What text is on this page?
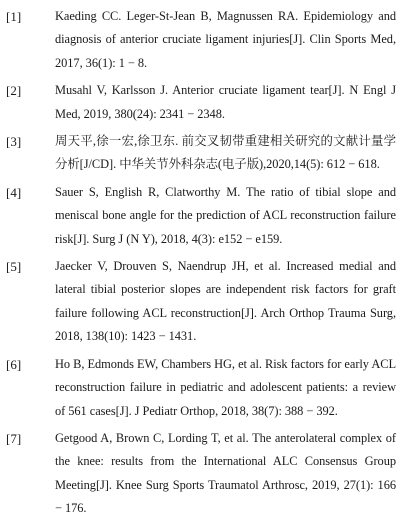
[1]	Kaeding CC. Leger-St-Jean B, Magnussen RA. Epidemiology and diagnosis of anterior cruciate ligament injuries[J]. Clin Sports Med, 2017, 36(1): 1 − 8.
[2]	Musahl V, Karlsson J. Anterior cruciate ligament tear[J]. N Engl J Med, 2019, 380(24): 2341 − 2348.
[3]	周天平,徐一宏,徐卫东. 前交叉韧带重建相关研究的文献计量学分析[J/CD]. 中华关节外科杂志(电子版),2020,14(5): 612 − 618.
[4]	Sauer S, English R, Clatworthy M. The ratio of tibial slope and meniscal bone angle for the prediction of ACL reconstruction failure risk[J]. Surg J (N Y), 2018, 4(3): e152 − e159.
[5]	Jaecker V, Drouven S, Naendrup JH, et al. Increased medial and lateral tibial posterior slopes are independent risk factors for graft failure following ACL reconstruction[J]. Arch Orthop Trauma Surg, 2018, 138(10): 1423 − 1431.
[6]	Ho B, Edmonds EW, Chambers HG, et al. Risk factors for early ACL reconstruction failure in pediatric and adolescent patients: a review of 561 cases[J]. J Pediatr Orthop, 2018, 38(7): 388 − 392.
[7]	Getgood A, Brown C, Lording T, et al. The anterolateral complex of the knee: results from the International ALC Consensus Group Meeting[J]. Knee Surg Sports Traumatol Arthrosc, 2019, 27(1): 166 − 176.
